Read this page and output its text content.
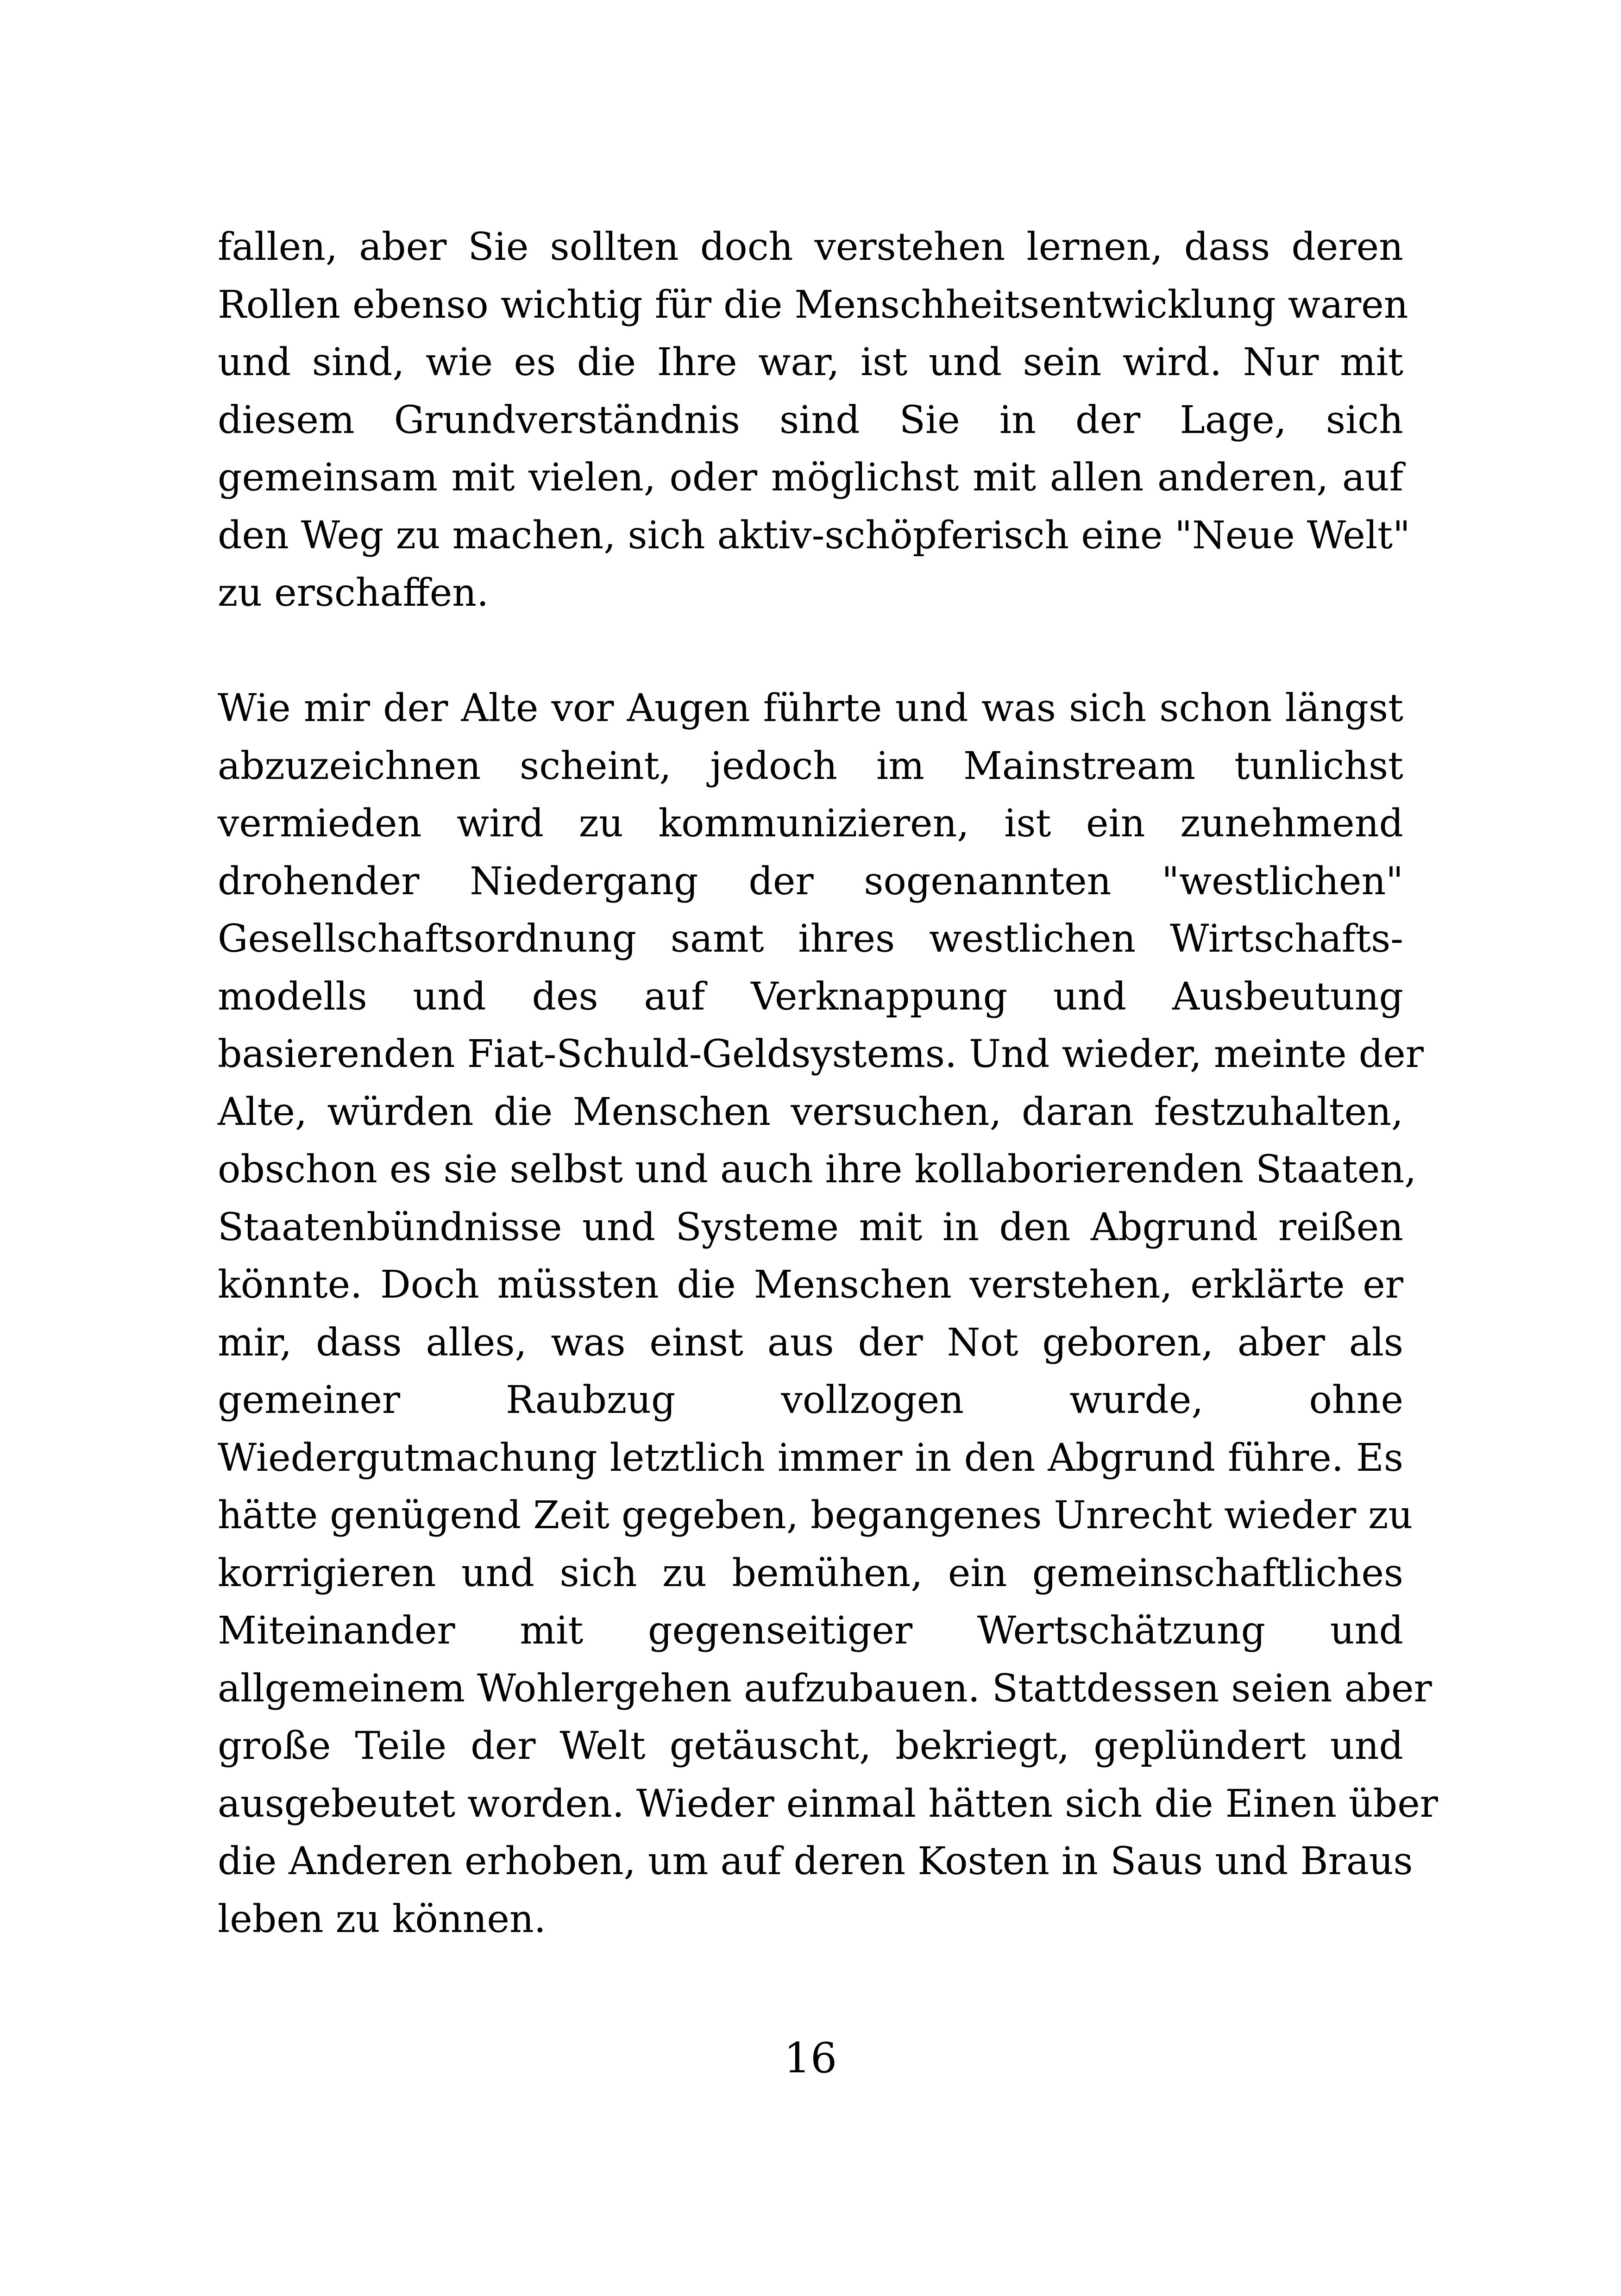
fallen, aber Sie sollten doch verstehen lernen, dass deren
Rollen ebenso wichtig für die Menschheitsentwicklung waren
und sind, wie es die Ihre war, ist und sein wird. Nur mit
diesem Grundverständnis sind Sie in der Lage, sich
gemeinsam mit vielen, oder möglichst mit allen anderen, auf
den Weg zu machen, sich aktiv-schöpferisch eine "Neue Welt"
zu erschaffen.
Wie mir der Alte vor Augen führte und was sich schon längst
abzuzeichnen scheint, jedoch im Mainstream tunlichst
vermieden wird zu kommunizieren, ist ein zunehmend
drohender Niedergang der sogenannten "westlichen"
Gesellschaftsordnung samt ihres westlichen Wirtschafts-
modells und des auf Verknappung und Ausbeutung
basierenden Fiat-Schuld-Geldsystems. Und wieder, meinte der
Alte, würden die Menschen versuchen, daran festzuhalten,
obschon es sie selbst und auch ihre kollaborierenden Staaten,
Staatenbündnisse und Systeme mit in den Abgrund reißen
könnte. Doch müssten die Menschen verstehen, erklärte er
mir, dass alles, was einst aus der Not geboren, aber als
gemeiner Raubzug vollzogen wurde, ohne
Wiedergutmachung letztlich immer in den Abgrund führe. Es
hätte genügend Zeit gegeben, begangenes Unrecht wieder zu
korrigieren und sich zu bemühen, ein gemeinschaftliches
Miteinander mit gegenseitiger Wertschätzung und
allgemeinem Wohlergehen aufzubauen. Stattdessen seien aber
große Teile der Welt getäuscht, bekriegt, geplündert und
ausgebeutet worden. Wieder einmal hätten sich die Einen über
die Anderen erhoben, um auf deren Kosten in Saus und Braus
leben zu können.
16
